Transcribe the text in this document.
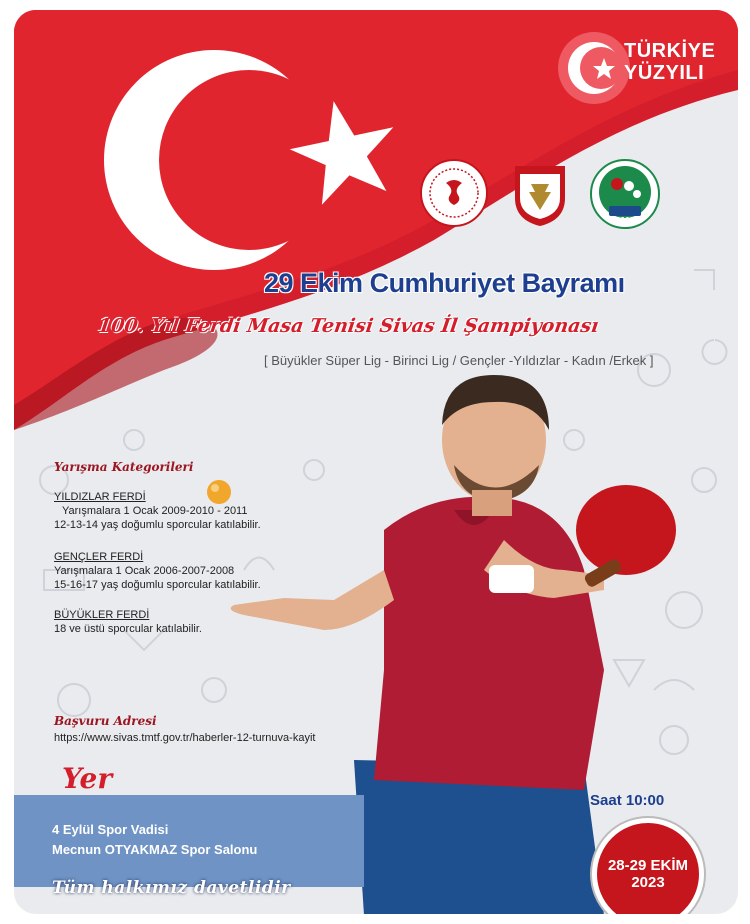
TÜRKİYE
YÜZYILI
SİVAS VALİLİĞİ
1966
29 Ekim Cumhuriyet Bayramı
100. Yıl Ferdi Masa Tenisi Sivas İl Şampiyonası
[ Büyükler Süper Lig - Birinci Lig / Gençler -Yıldızlar - Kadın /Erkek ]
Yarışma Kategorileri
YILDIZLAR FERDİ
Yarışmalara 1 Ocak 2009-2010 - 2011
12-13-14 yaş doğumlu sporcular katılabilir.
GENÇLER FERDİ
Yarışmalara 1 Ocak 2006-2007-2008
15-16-17 yaş doğumlu sporcular katılabilir.
BÜYÜKLER FERDİ
18 ve üstü sporcular katılabilir.
Başvuru Adresi
https://www.sivas.tmtf.gov.tr/haberler-12-turnuva-kayit
Yer
4 Eylül Spor Vadisi
Mecnun OTYAKMAZ Spor Salonu
Tüm halkımız davetlidir
Saat 10:00
28-29 EKİM
2023
